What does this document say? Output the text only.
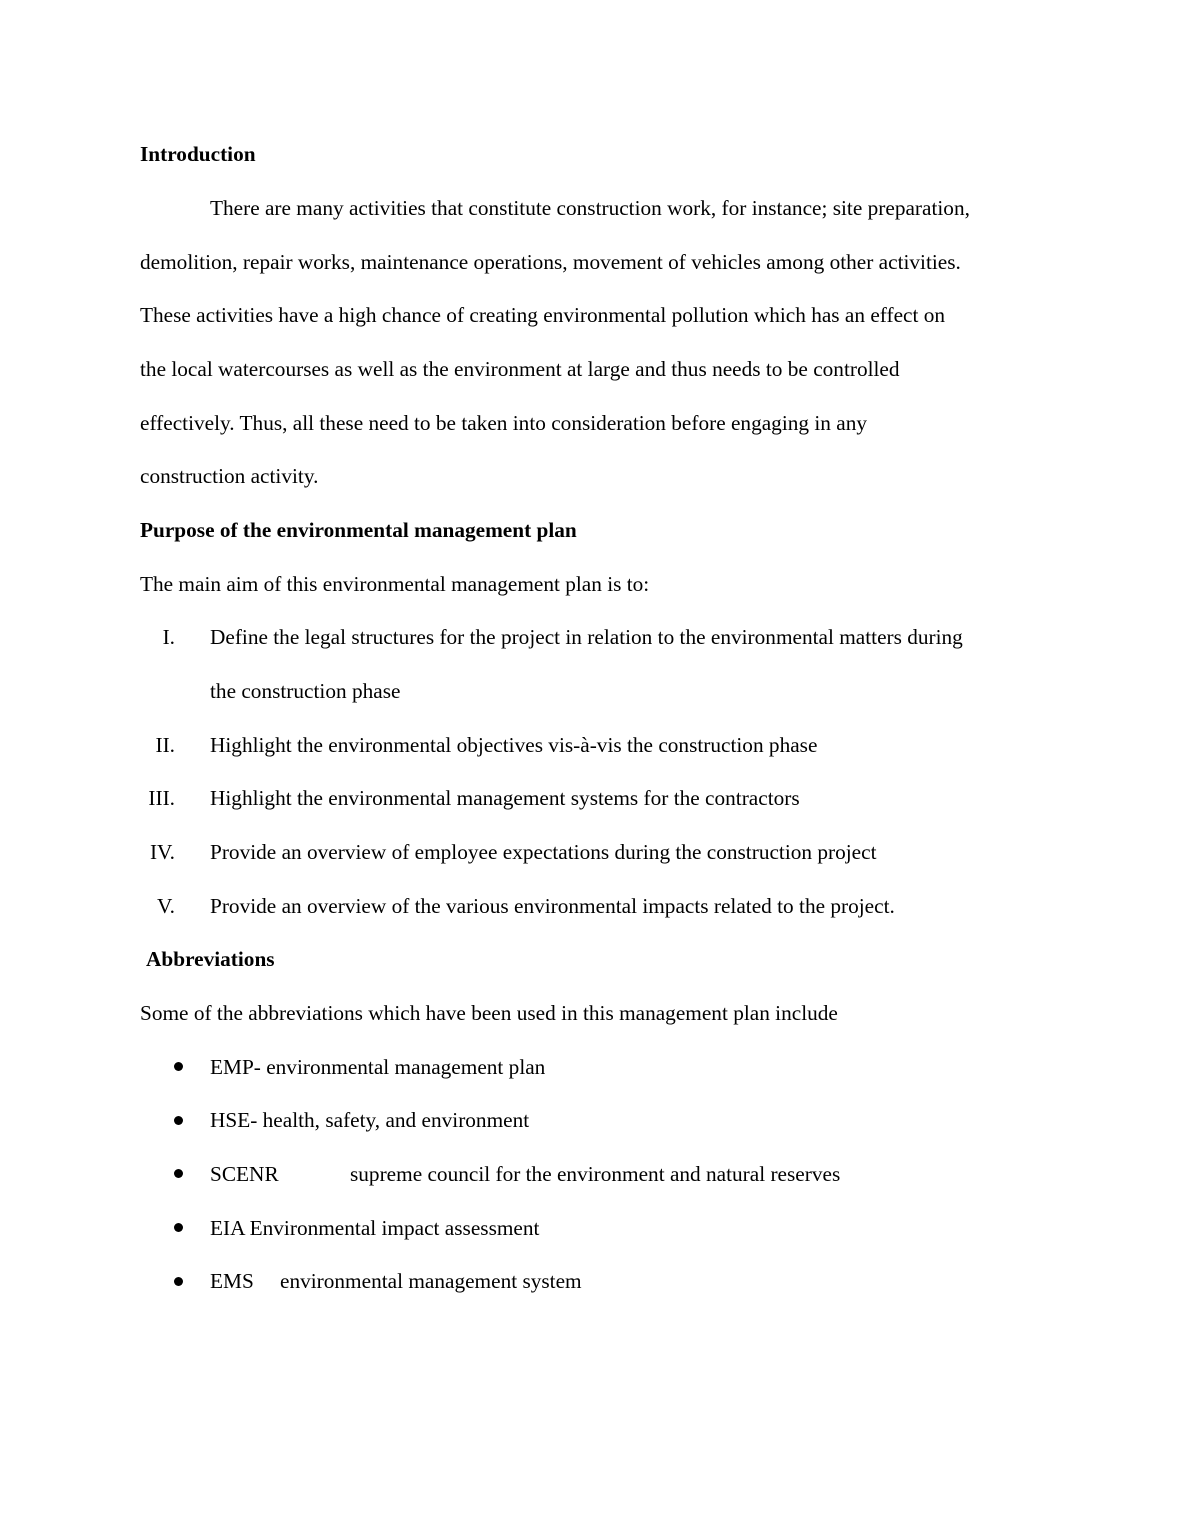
Introduction
There are many activities that constitute construction work, for instance; site preparation,
demolition, repair works, maintenance operations, movement of vehicles among other activities.
These activities have a high chance of creating environmental pollution which has an effect on
the local watercourses as well as the environment at large and thus needs to be controlled
effectively. Thus, all these need to be taken into consideration before engaging in any
construction activity.
Purpose of the environmental management plan
The main aim of this environmental management plan is to:
I. Define the legal structures for the project in relation to the environmental matters during
the construction phase
II. Highlight the environmental objectives vis-à-vis the construction phase
III. Highlight the environmental management systems for the contractors
IV. Provide an overview of employee expectations during the construction project
V. Provide an overview of the various environmental impacts related to the project.
Abbreviations
Some of the abbreviations which have been used in this management plan include
EMP- environmental management plan
HSE- health, safety, and environment
SCENR	supreme council for the environment and natural reserves
EIA Environmental impact assessment
EMS environmental management system
